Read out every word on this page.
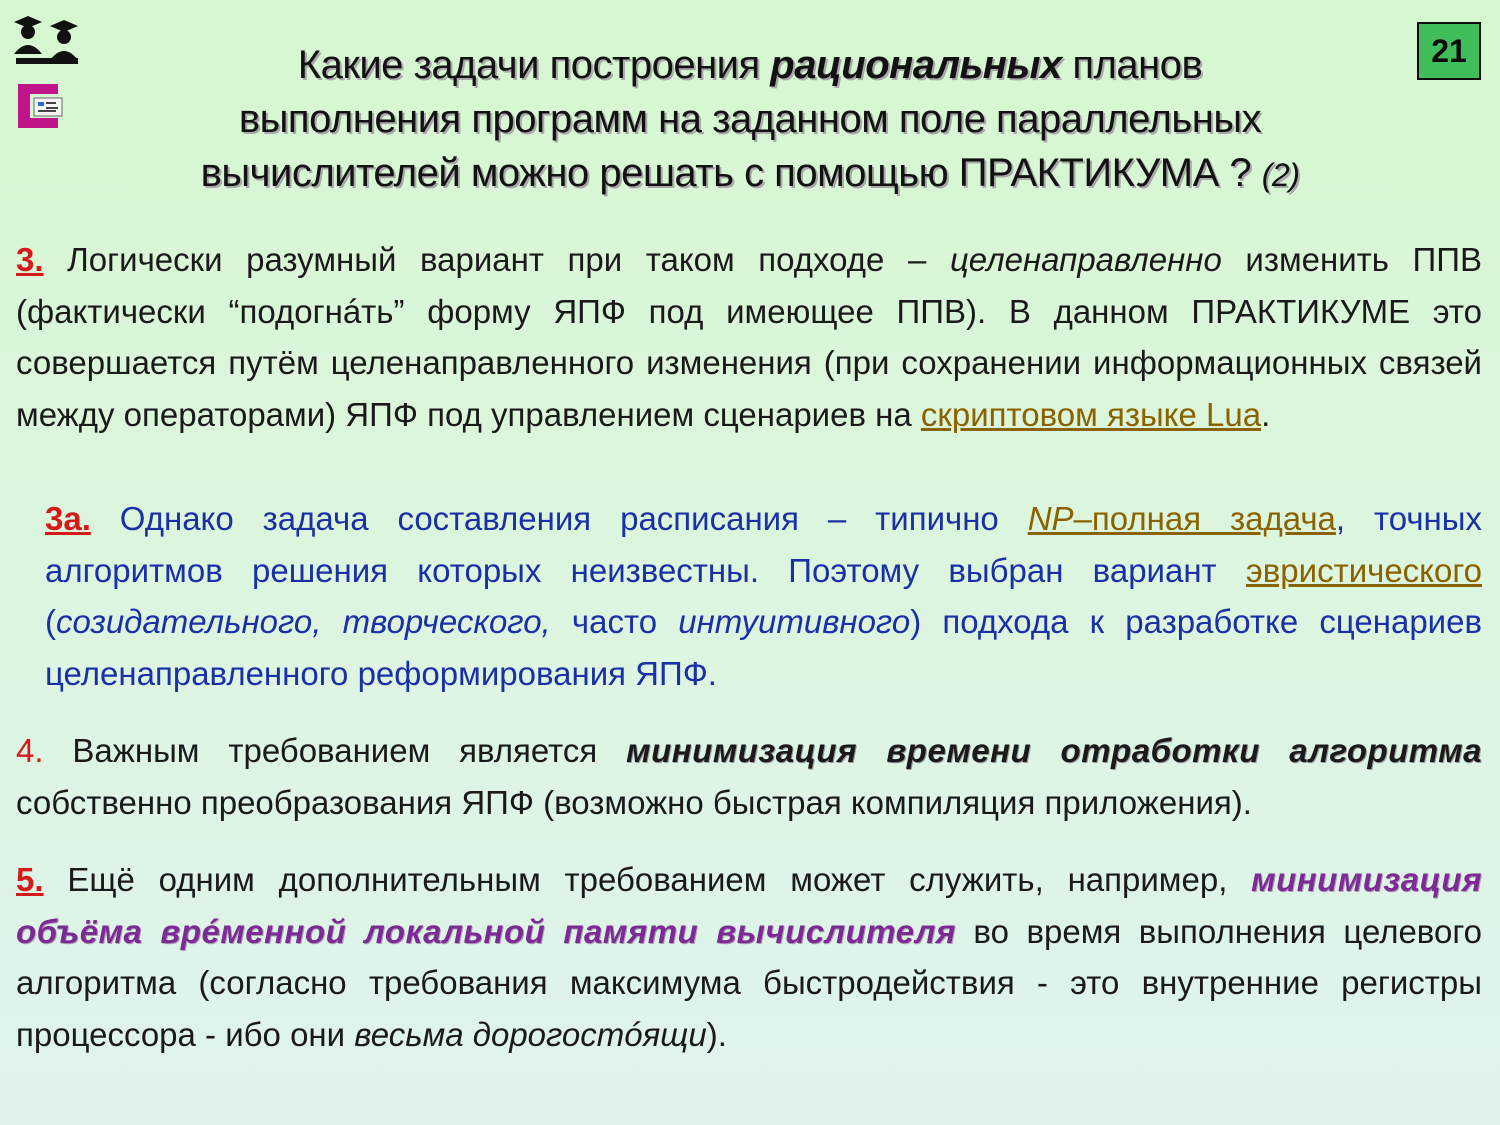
21
Какие задачи построения рациональных планов
выполнения программ на заданном поле параллельных
вычислителей можно решать с помощью ПРАКТИКУМА ? (2)
3. Логически разумный вариант при таком подходе – целенаправленно изменить ППВ (фактически “подогнáть” форму ЯПФ под имеющее ППВ). В данном ПРАКТИКУМЕ это совершается путём целенаправленного изменения (при сохранении информационных связей между операторами) ЯПФ под управлением сценариев на скриптовом языке Lua.
3а. Однако задача составления расписания – типично NP–полная задача, точных алгоритмов решения которых неизвестны. Поэтому выбран вариант эвристического (созидательного, творческого, часто интуитивного) подхода к разработке сценариев целенаправленного реформирования ЯПФ.
4. Важным требованием является минимизация времени отработки алгоритма собственно преобразования ЯПФ (возможно быстрая компиляция приложения).
5. Ещё одним дополнительным требованием может служить, например, минимизация объёма врéменной локальной памяти вычислителя во время выполнения целевого алгоритма (согласно требования максимума быстродействия - это внутренние регистры процессора - ибо они весьма дорогостóящи).
